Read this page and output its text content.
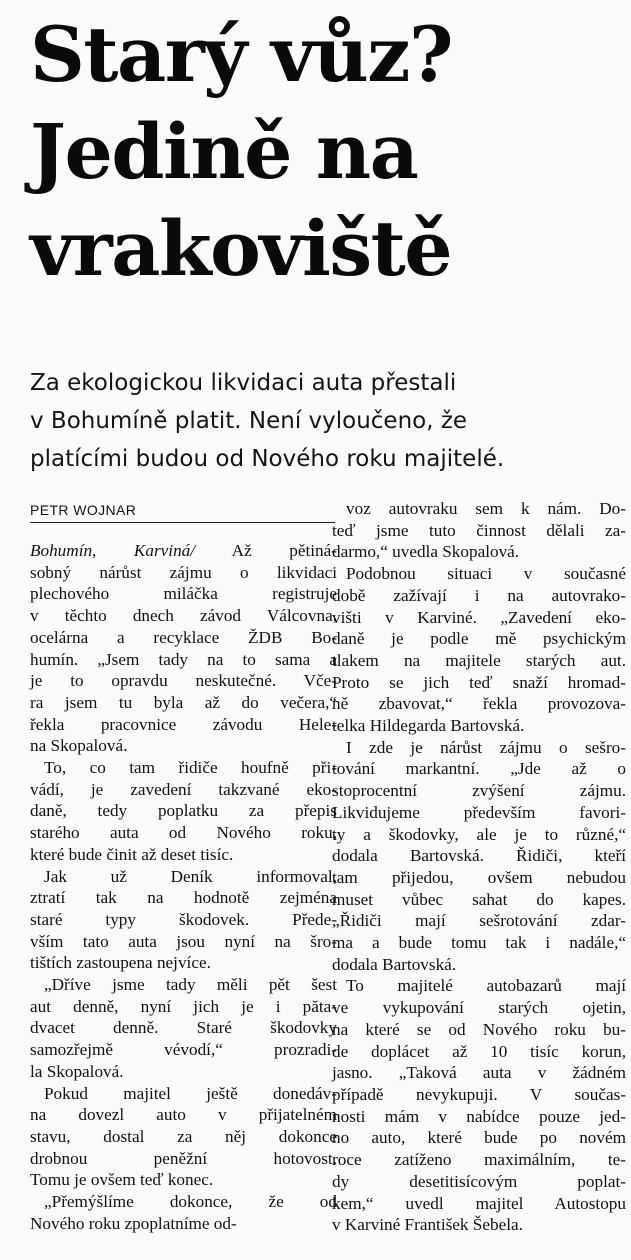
Starý vůz?
Jedině na
vrakoviště

Za ekologickou likvidaci auta přestali
v Bohumíně platit. Není vyloučeno, že
platícími budou od Nového roku majitelé.

PETR WOJNAR
Bohumín, Karviná/ Až pětiná-
sobný nárůst zájmu o likvidaci
plechového miláčka registruje
v těchto dnech závod Válcovna,
ocelárna a recyklace ŽDB Bo-
humín. „Jsem tady na to sama a
je to opravdu neskutečné. Vče-
ra jsem tu byla až do večera,“
řekla pracovnice závodu Hele-
na Skopalová.
To, co tam řidiče houfně při-
vádí, je zavedení takzvané eko-
daně, tedy poplatku za přepis
starého auta od Nového roku,
které bude činit až deset tisíc.
Jak už Deník informoval,
ztratí tak na hodnotě zejména
staré typy škodovek. Přede-
vším tato auta jsou nyní na šro-
tištích zastoupena nejvíce.
„Dříve jsme tady měli pět šest
aut denně, nyní jich je i păta-
dvacet denně. Staré škodovky
samozřejmě vévodí,“ prozradi-
la Skopalová.
Pokud majitel ještě donedáv-
na dovezl auto v přijatelném
stavu, dostal za něj dokonce
drobnou peněžní hotovost.
Tomu je ovšem teď konec.
„Přemýšlíme dokonce, že od
Nového roku zpoplatníme od-
voz autovraku sem k nám. Do-
teď jsme tuto činnost dělali za-
darmo,“ uvedla Skopalová.
Podobnou situaci v současné
době zažívají i na autovrako-
višti v Karviné. „Zavedení eko-
daně je podle mě psychickým
tlakem na majitele starých aut.
Proto se jich teď snaží hromad-
ně zbavovat,“ řekla provozova-
telka Hildegarda Bartovská.
I zde je nárůst zájmu o sešro-
tování markantní. „Jde až o
stoprocentní zvýšení zájmu.
Likvidujeme především favori-
ty a škodovky, ale je to různé,“
dodala Bartovská. Řidiči, kteří
tam přijedou, ovšem nebudou
muset vůbec sahat do kapes.
„Řidiči mají sešrotování zdar-
ma a bude tomu tak i nadále,“
dodala Bartovská.
To majitelé autobazarů mají
ve vykupování starých ojetin,
na které se od Nového roku bu-
de doplácet až 10 tisíc korun,
jasno. „Taková auta v žádném
případě nevykupuji. V součas-
nosti mám v nabídce pouze jed-
no auto, které bude po novém
roce zatíženo maximálním, te-
dy desetitisícovým poplat-
kem,“ uvedl majitel Autostopu
v Karviné František Šebela.
